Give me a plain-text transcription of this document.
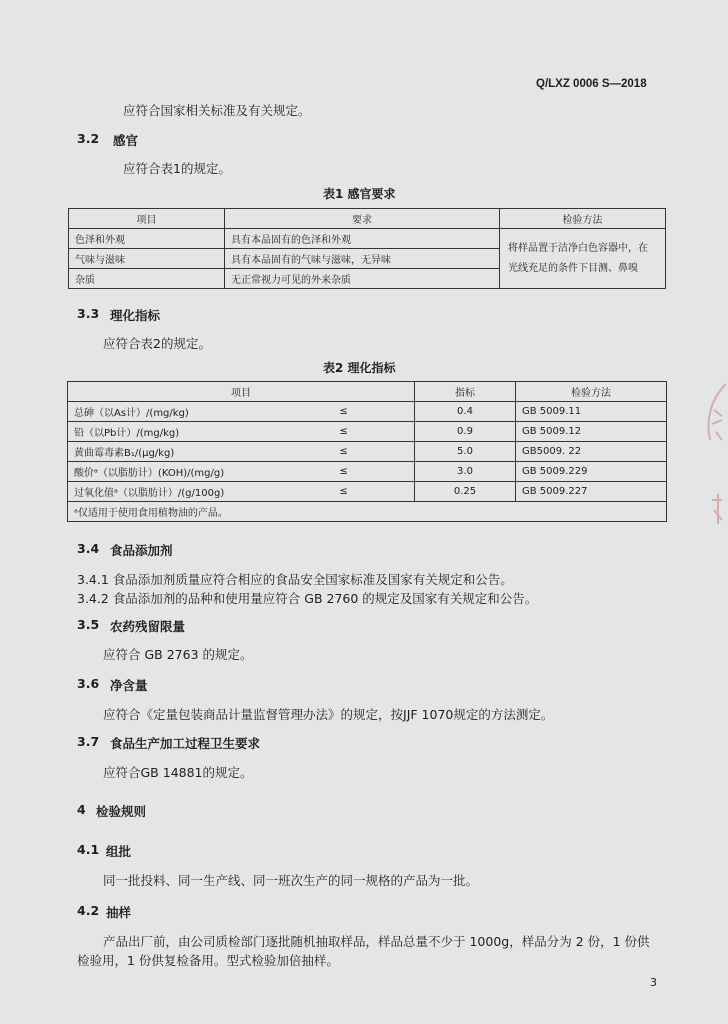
Q/LXZ 0006 S—2018
应符合国家相关标准及有关规定。
3.2 感官
应符合表1的规定。
表1 感官要求
项目	要求	检验方法
色泽和外观	具有本品固有的色泽和外观	将样品置于洁净白色容器中，在光线充足的条件下目测、鼻嗅
气味与滋味	具有本品固有的气味与滋味，无异味	
杂质	无正常视力可见的外来杂质	
3.3 理化指标
应符合表2的规定。
表2 理化指标
项目		指标	检验方法
总砷（以As计）/(mg/kg)	≤	0.4	GB 5009.11
铅（以Pb计）/(mg/kg)	≤	0.9	GB 5009.12
黄曲霉毒素B₁/(μg/kg)	≤	5.0	GB5009. 22
酸价ᵃ（以脂肪计）(KOH)/(mg/g)	≤	3.0	GB 5009.229
过氧化值ᵃ（以脂肪计）/(g/100g)	≤	0.25	GB 5009.227
ᵃ仅适用于使用食用植物油的产品。			
3.4 食品添加剂
3.4.1 食品添加剂质量应符合相应的食品安全国家标准及国家有关规定和公告。
3.4.2 食品添加剂的品种和使用量应符合 GB 2760 的规定及国家有关规定和公告。
3.5 农药残留限量
应符合 GB 2763 的规定。
3.6 净含量
应符合《定量包装商品计量监督管理办法》的规定，按JJF 1070规定的方法测定。
3.7 食品生产加工过程卫生要求
应符合GB 14881的规定。
4 检验规则
4.1 组批
同一批投料、同一生产线、同一班次生产的同一规格的产品为一批。
4.2 抽样
产品出厂前，由公司质检部门逐批随机抽取样品，样品总量不少于 1000g，样品分为 2 份，1 份供
检验用，1 份供复检备用。型式检验加倍抽样。
3
